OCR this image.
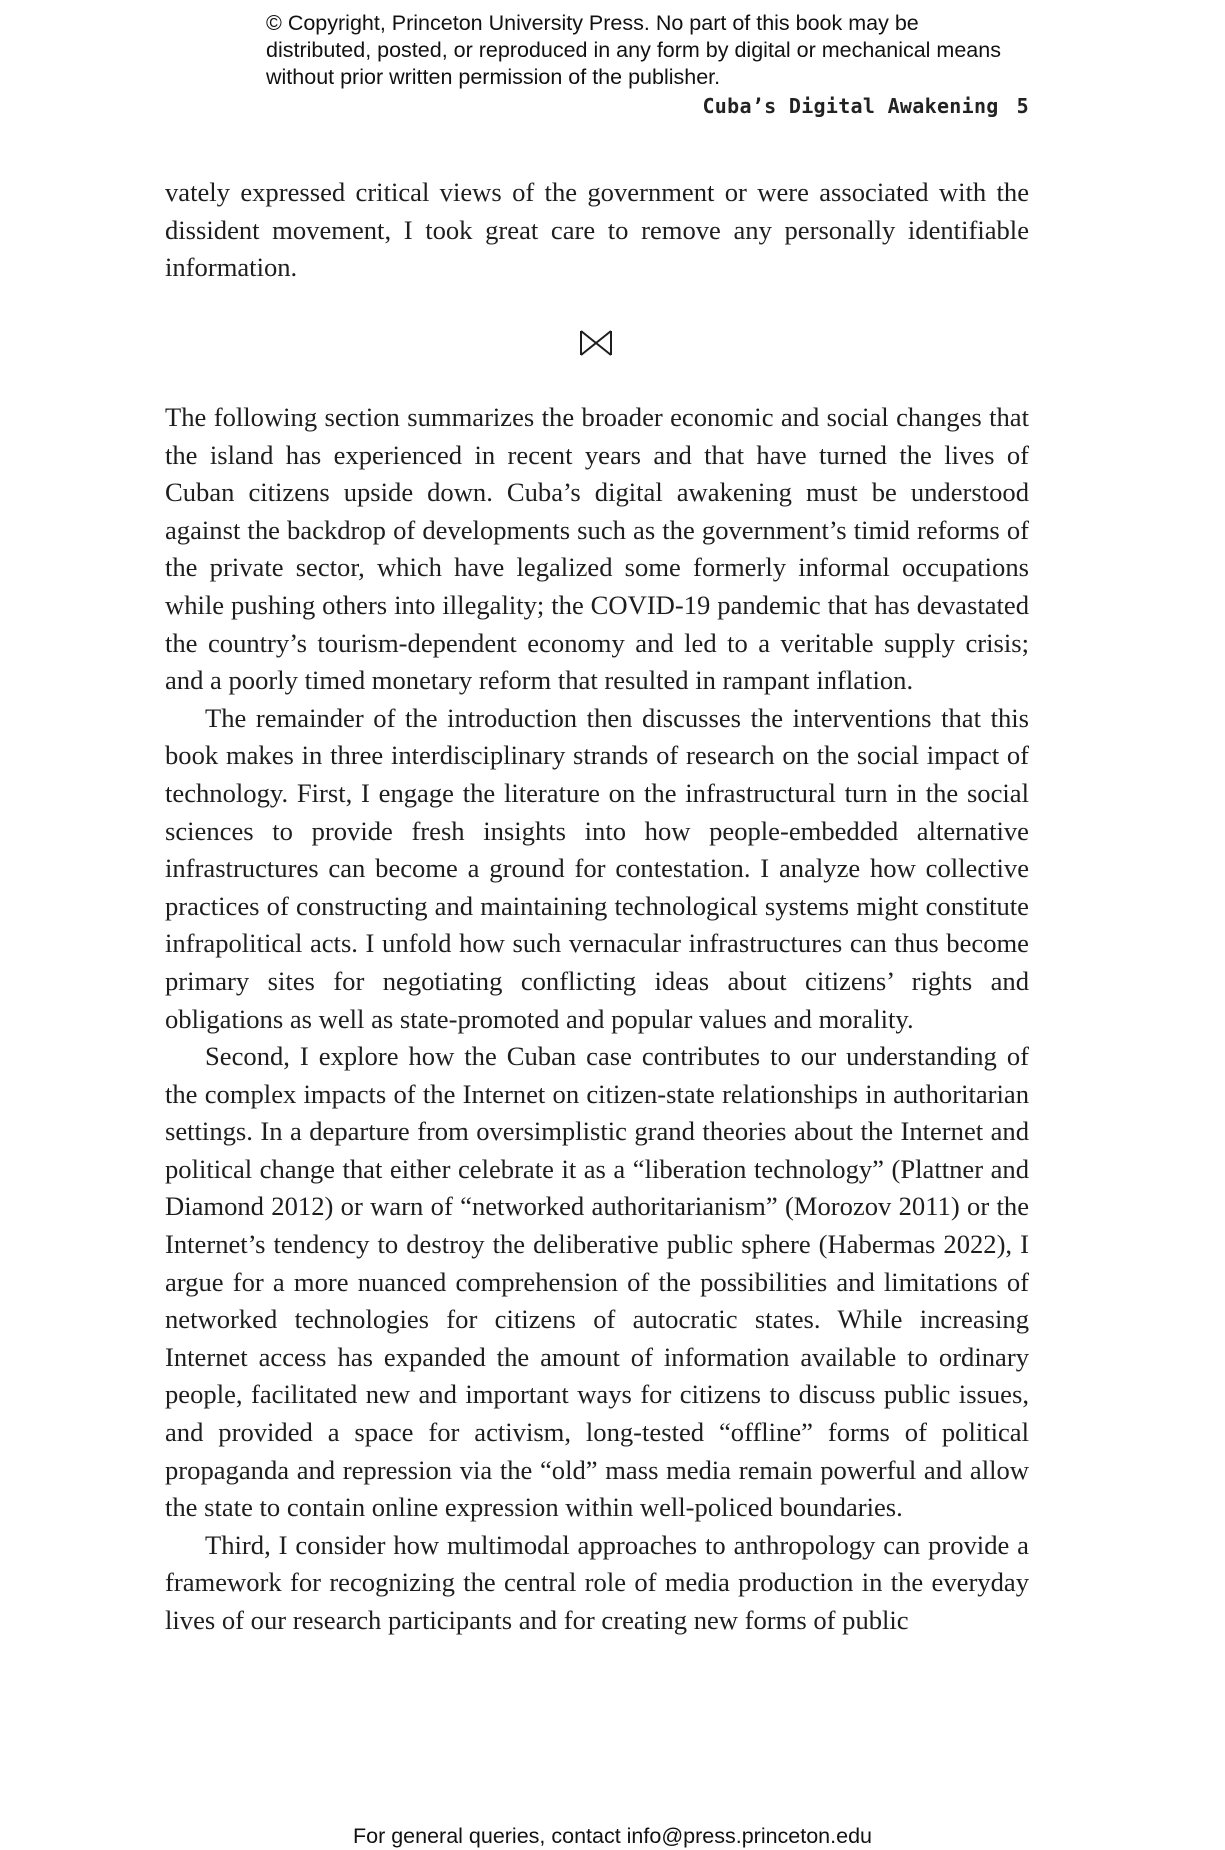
© Copyright, Princeton University Press. No part of this book may be distributed, posted, or reproduced in any form by digital or mechanical means without prior written permission of the publisher.
Cuba’s Digital Awakening 5

vately expressed critical views of the government or were associated with the dissident movement, I took great care to remove any personally identifiable information.

The following section summarizes the broader economic and social changes that the island has experienced in recent years and that have turned the lives of Cuban citizens upside down. Cuba’s digital awakening must be understood against the backdrop of developments such as the government’s timid reforms of the private sector, which have legalized some formerly informal occupations while pushing others into illegality; the COVID-19 pandemic that has devastated the country’s tourism-dependent economy and led to a veritable supply crisis; and a poorly timed monetary reform that resulted in rampant inflation.

The remainder of the introduction then discusses the interventions that this book makes in three interdisciplinary strands of research on the social impact of technology. First, I engage the literature on the infrastructural turn in the social sciences to provide fresh insights into how people-embedded alternative infrastructures can become a ground for contestation. I analyze how collective practices of constructing and maintaining technological systems might constitute infrapolitical acts. I unfold how such vernacular infrastructures can thus become primary sites for negotiating conflicting ideas about citizens’ rights and obligations as well as state-promoted and popular values and morality.

Second, I explore how the Cuban case contributes to our understanding of the complex impacts of the Internet on citizen-state relationships in authoritarian settings. In a departure from oversimplistic grand theories about the Internet and political change that either celebrate it as a “liberation technology” (Plattner and Diamond 2012) or warn of “networked authoritarianism” (Morozov 2011) or the Internet’s tendency to destroy the deliberative public sphere (Habermas 2022), I argue for a more nuanced comprehension of the possibilities and limitations of networked technologies for citizens of autocratic states. While increasing Internet access has expanded the amount of information available to ordinary people, facilitated new and important ways for citizens to discuss public issues, and provided a space for activism, long-tested “offline” forms of political propaganda and repression via the “old” mass media remain powerful and allow the state to contain online expression within well-policed boundaries.

Third, I consider how multimodal approaches to anthropology can provide a framework for recognizing the central role of media production in the everyday lives of our research participants and for creating new forms of public

For general queries, contact info@press.princeton.edu
